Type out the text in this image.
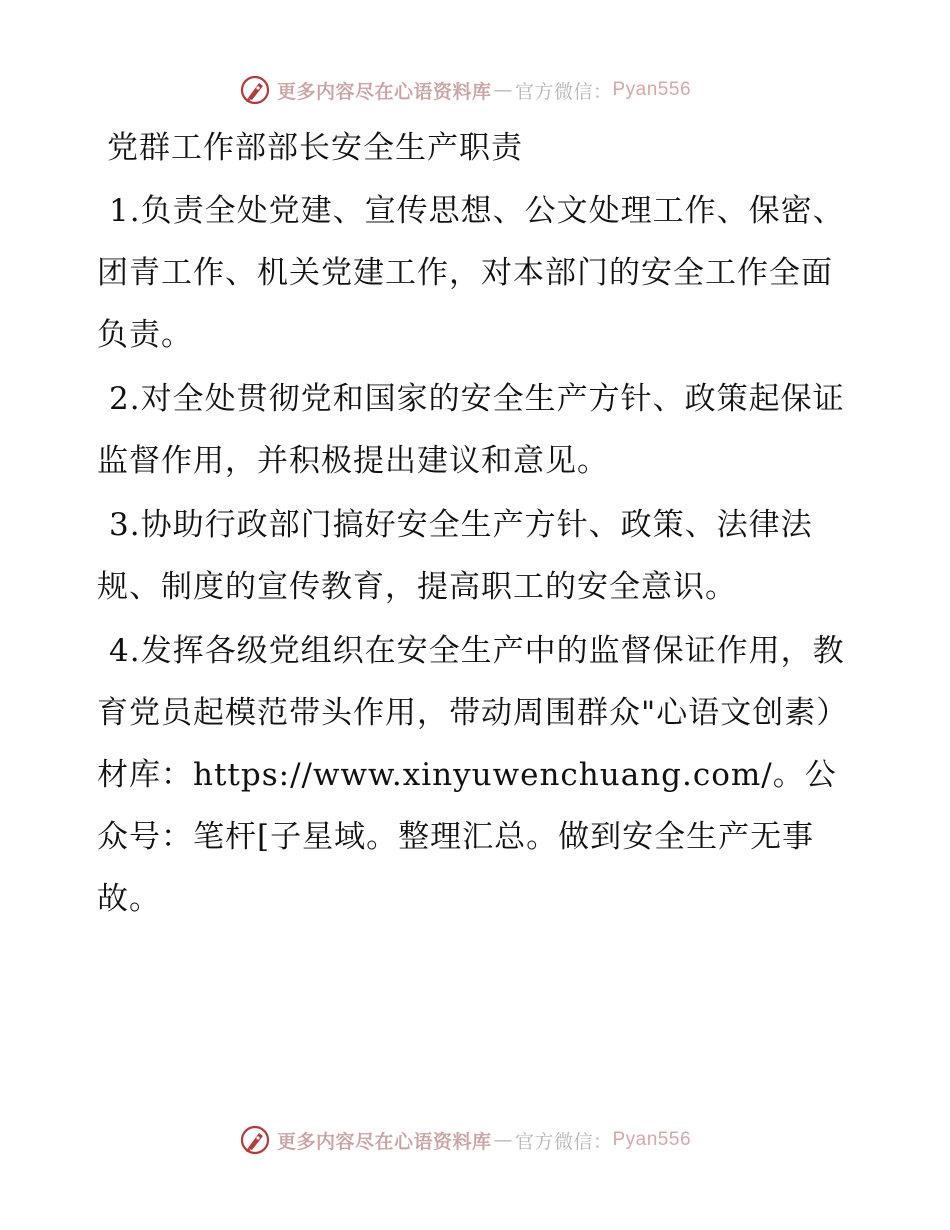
更多内容尽在心语资料库 — 官方微信： Pyan556
党群工作部部长安全生产职责

1.负责全处党建、宣传思想、公文处理工作、保密、团青工作、机关党建工作，对本部门的安全工作全面负责。

2.对全处贯彻党和国家的安全生产方针、政策起保证监督作用，并积极提出建议和意见。

3.协助行政部门搞好安全生产方针、政策、法律法规、制度的宣传教育，提高职工的安全意识。

4.发挥各级党组织在安全生产中的监督保证作用，教育党员起模范带头作用，带动周围群众"心语文创素）材库：https://www.xinyuwenchuang.com/。公众号：笔杆[子星域。整理汇总。做到安全生产无事故。

更多内容尽在心语资料库 — 官方微信： Pyan556
